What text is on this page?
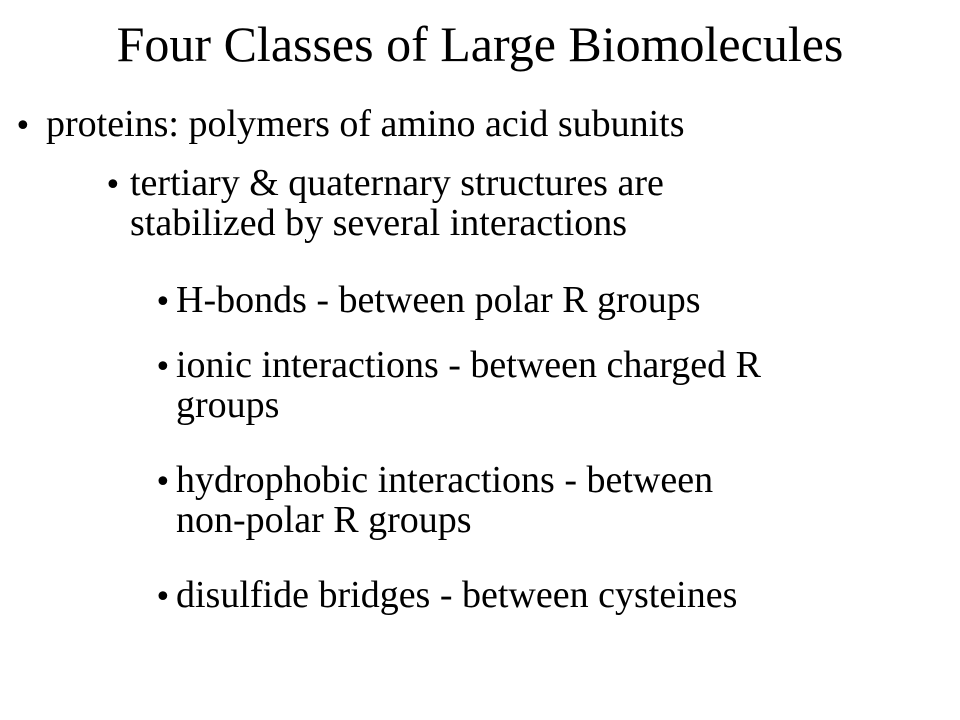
Four Classes of Large Biomolecules
•
proteins: polymers of amino acid subunits
•
tertiary & quaternary structures are
stabilized by several interactions
•
H-bonds - between polar R groups
•
ionic interactions - between charged R
groups
•
hydrophobic interactions - between
non-polar R groups
•
disulfide bridges - between cysteines
